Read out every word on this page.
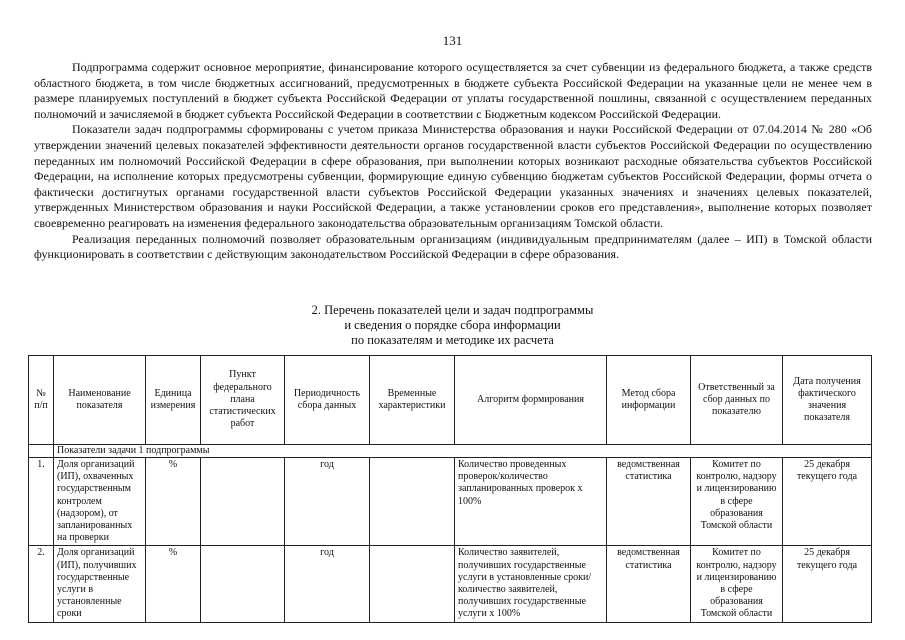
131

Подпрограмма содержит основное мероприятие, финансирование которого осуществляется за счет субвенции из федерального бюджета, а также средств областного бюджета, в том числе бюджетных ассигнований, предусмотренных в бюджете субъекта Российской Федерации на указанные цели не менее чем в размере планируемых поступлений в бюджет субъекта Российской Федерации от уплаты государственной пошлины, связанной с осуществлением переданных полномочий и зачисляемой в бюджет субъекта Российской Федерации в соответствии с Бюджетным кодексом Российской Федерации.

Показатели задач подпрограммы сформированы с учетом приказа Министерства образования и науки Российской Федерации от 07.04.2014 № 280 «Об утверждении значений целевых показателей эффективности деятельности органов государственной власти субъектов Российской Федерации по осуществлению переданных им полномочий Российской Федерации в сфере образования, при выполнении которых возникают расходные обязательства субъектов Российской Федерации, на исполнение которых предусмотрены субвенции, формирующие единую субвенцию бюджетам субъектов Российской Федерации, формы отчета о фактически достигнутых органами государственной власти субъектов Российской Федерации указанных значениях и значениях целевых показателей, утвержденных Министерством образования и науки Российской Федерации, а также установлении сроков его представления», выполнение которых позволяет своевременно реагировать на изменения федерального законодательства образовательным организациям Томской области.

Реализация переданных полномочий позволяет образовательным организациям (индивидуальным предпринимателям (далее – ИП) в Томской области функционировать в соответствии с действующим законодательством Российской Федерации в сфере образования.

2. Перечень показателей цели и задач подпрограммы
и сведения о порядке сбора информации
по показателям и методике их расчета
№ п/п	Наименование показателя	Единица измерения	Пункт федерального плана статистических работ	Периодичность сбора данных	Временные характеристики	Алгоритм формирования	Метод сбора информации	Ответственный за сбор данных по показателю	Дата получения фактического значения показателя
	Показатели задачи 1 подпрограммы								
1.	Доля организаций (ИП), охваченных государственным контролем (надзором), от запланированных на проверки	%		год		Количество проведенных проверок/количество запланированных проверок x 100%	ведомственная статистика	Комитет по контролю, надзору и лицензированию в сфере образования Томской области	25 декабря текущего года
2.	Доля организаций (ИП), получивших государственные услуги в установленные сроки	%		год		Количество заявителей, получивших государственные услуги в установленные сроки/количество заявителей, получивших государственные услуги x 100%	ведомственная статистика	Комитет по контролю, надзору и лицензированию в сфере образования Томской области	25 декабря текущего года
